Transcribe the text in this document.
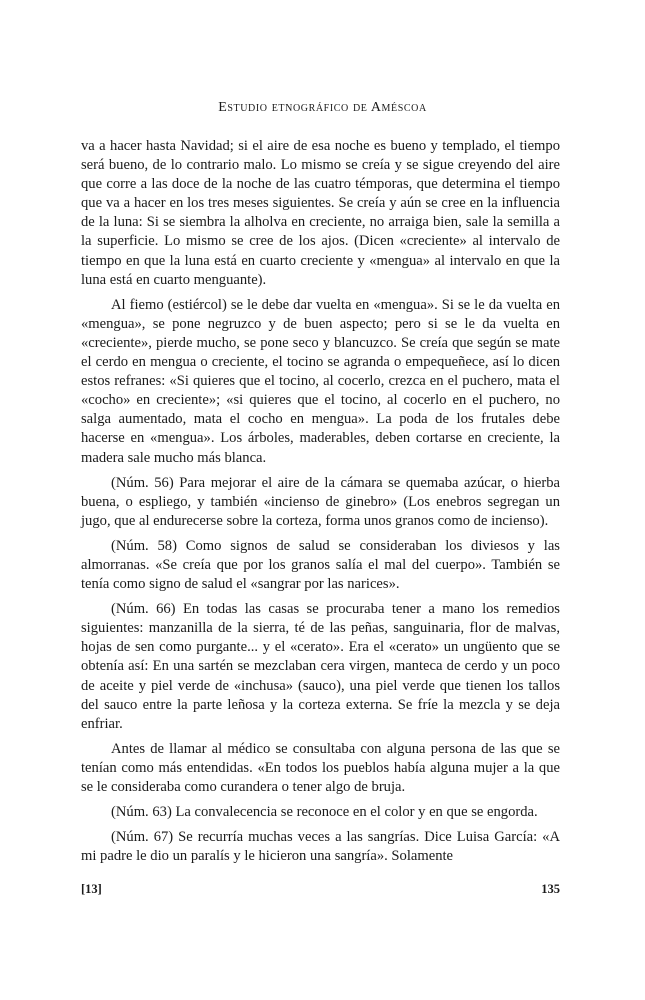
Estudio etnográfico de Améscoa

va a hacer hasta Navidad; si el aire de esa noche es bueno y templado, el tiempo será bueno, de lo contrario malo. Lo mismo se creía y se sigue creyendo del aire que corre a las doce de la noche de las cuatro témporas, que determina el tiempo que va a hacer en los tres meses siguientes. Se creía y aún se cree en la influencia de la luna: Si se siembra la alholva en creciente, no arraiga bien, sale la semilla a la superficie. Lo mismo se cree de los ajos. (Dicen «creciente» al intervalo de tiempo en que la luna está en cuarto creciente y «mengua» al intervalo en que la luna está en cuarto menguante).

Al fiemo (estiércol) se le debe dar vuelta en «mengua». Si se le da vuelta en «mengua», se pone negruzco y de buen aspecto; pero si se le da vuelta en «creciente», pierde mucho, se pone seco y blancuzco. Se creía que según se mate el cerdo en mengua o creciente, el tocino se agranda o empequeñece, así lo dicen estos refranes: «Si quieres que el tocino, al cocerlo, crezca en el puchero, mata el «cocho» en creciente»; «si quieres que el tocino, al cocerlo en el puchero, no salga aumentado, mata el cocho en mengua». La poda de los frutales debe hacerse en «mengua». Los árboles, maderables, deben cortarse en creciente, la madera sale mucho más blanca.

(Núm. 56) Para mejorar el aire de la cámara se quemaba azúcar, o hierba buena, o espliego, y también «incienso de ginebro» (Los enebros segregan un jugo, que al endurecerse sobre la corteza, forma unos granos como de incienso).

(Núm. 58) Como signos de salud se consideraban los diviesos y las almorranas. «Se creía que por los granos salía el mal del cuerpo». También se tenía como signo de salud el «sangrar por las narices».

(Núm. 66) En todas las casas se procuraba tener a mano los remedios siguientes: manzanilla de la sierra, té de las peñas, sanguinaria, flor de malvas, hojas de sen como purgante... y el «cerato». Era el «cerato» un ungüento que se obtenía así: En una sartén se mezclaban cera virgen, manteca de cerdo y un poco de aceite y piel verde de «inchusa» (sauco), una piel verde que tienen los tallos del sauco entre la parte leñosa y la corteza externa. Se fríe la mezcla y se deja enfriar.

Antes de llamar al médico se consultaba con alguna persona de las que se tenían como más entendidas. «En todos los pueblos había alguna mujer a la que se le consideraba como curandera o tener algo de bruja.

(Núm. 63) La convalecencia se reconoce en el color y en que se engorda.

(Núm. 67) Se recurría muchas veces a las sangrías. Dice Luisa García: «A mi padre le dio un paralís y le hicieron una sangría». Solamente

[13]	135
